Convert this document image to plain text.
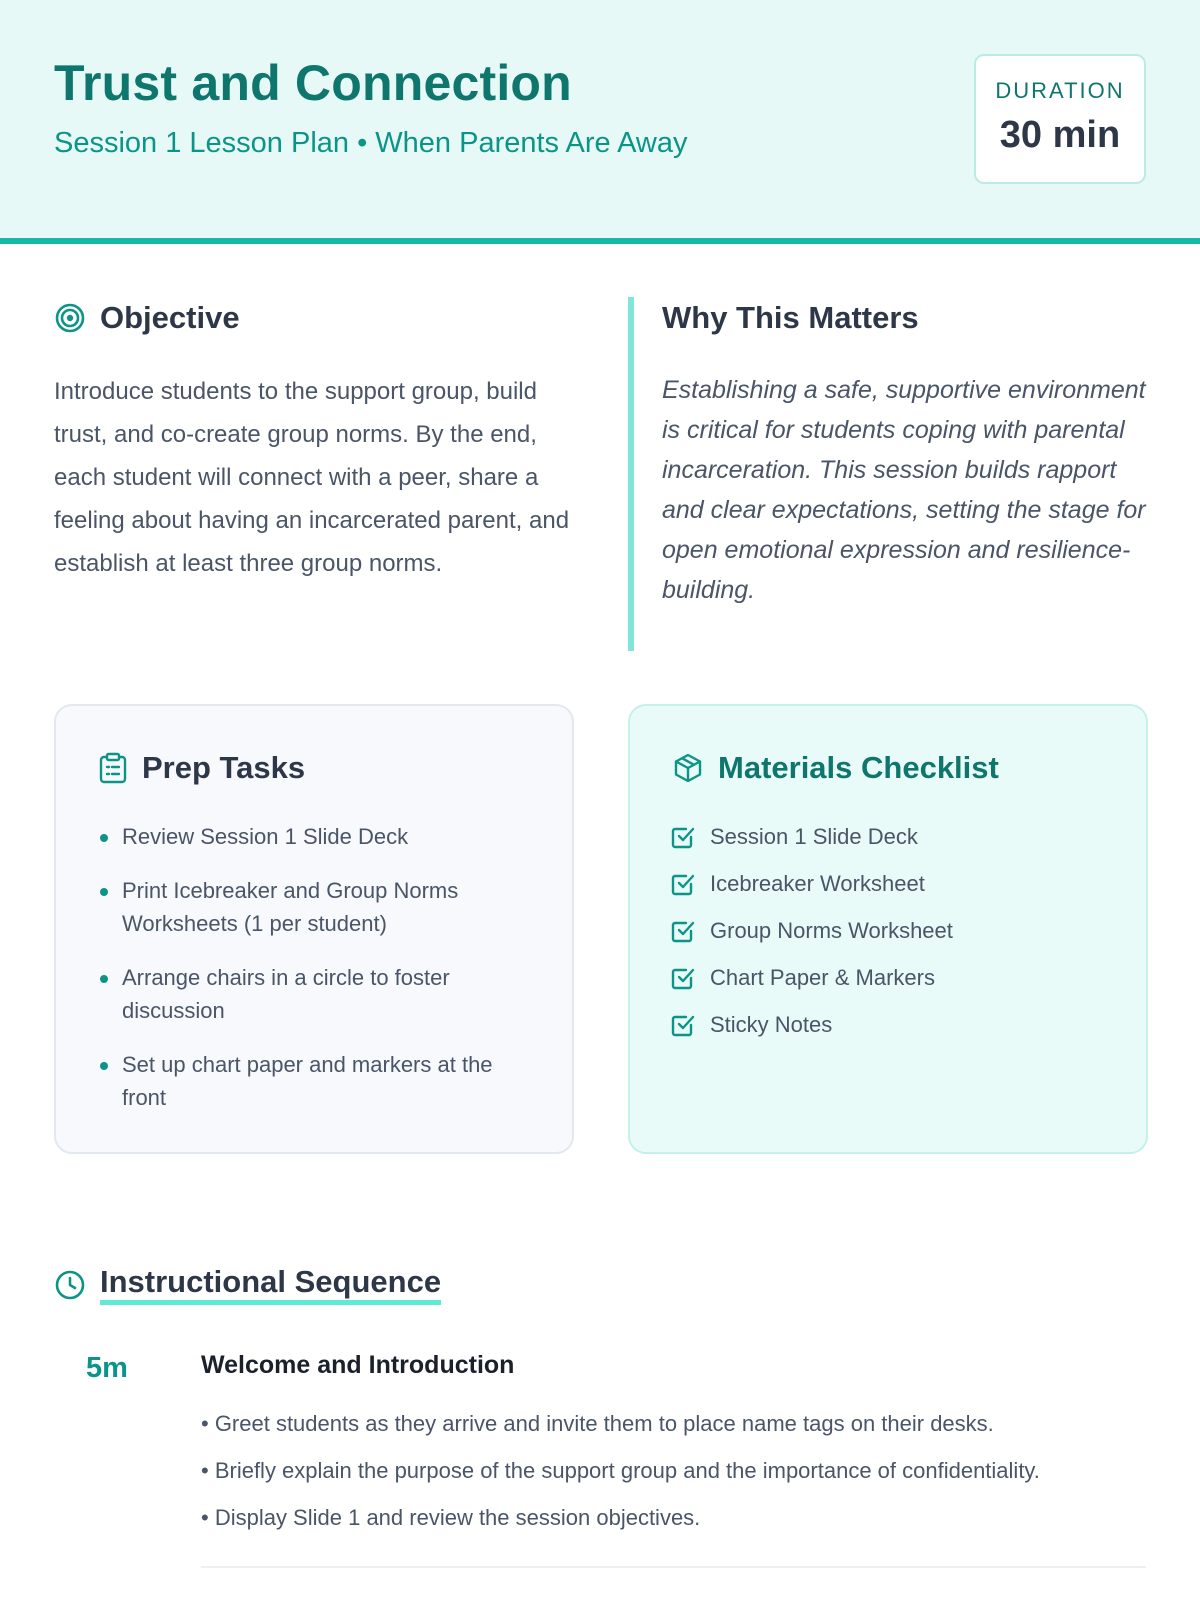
Trust and Connection
Session 1 Lesson Plan • When Parents Are Away
DURATION
30 min
Objective

Introduce students to the support group, build trust, and co-create group norms. By the end, each student will connect with a peer, share a feeling about having an incarcerated parent, and establish at least three group norms.

Why This Matters

Establishing a safe, supportive environment is critical for students coping with parental incarceration. This session builds rapport and clear expectations, setting the stage for open emotional expression and resilience-building.

Prep Tasks
Review Session 1 Slide Deck
Print Icebreaker and Group Norms Worksheets (1 per student)
Arrange chairs in a circle to foster discussion
Set up chart paper and markers at the front
Materials Checklist
Session 1 Slide Deck
Icebreaker Worksheet
Group Norms Worksheet
Chart Paper & Markers
Sticky Notes
Instructional Sequence
5m	Welcome and Introduction
• Greet students as they arrive and invite them to place name tags on their desks.
• Briefly explain the purpose of the support group and the importance of confidentiality.
• Display Slide 1 and review the session objectives.
